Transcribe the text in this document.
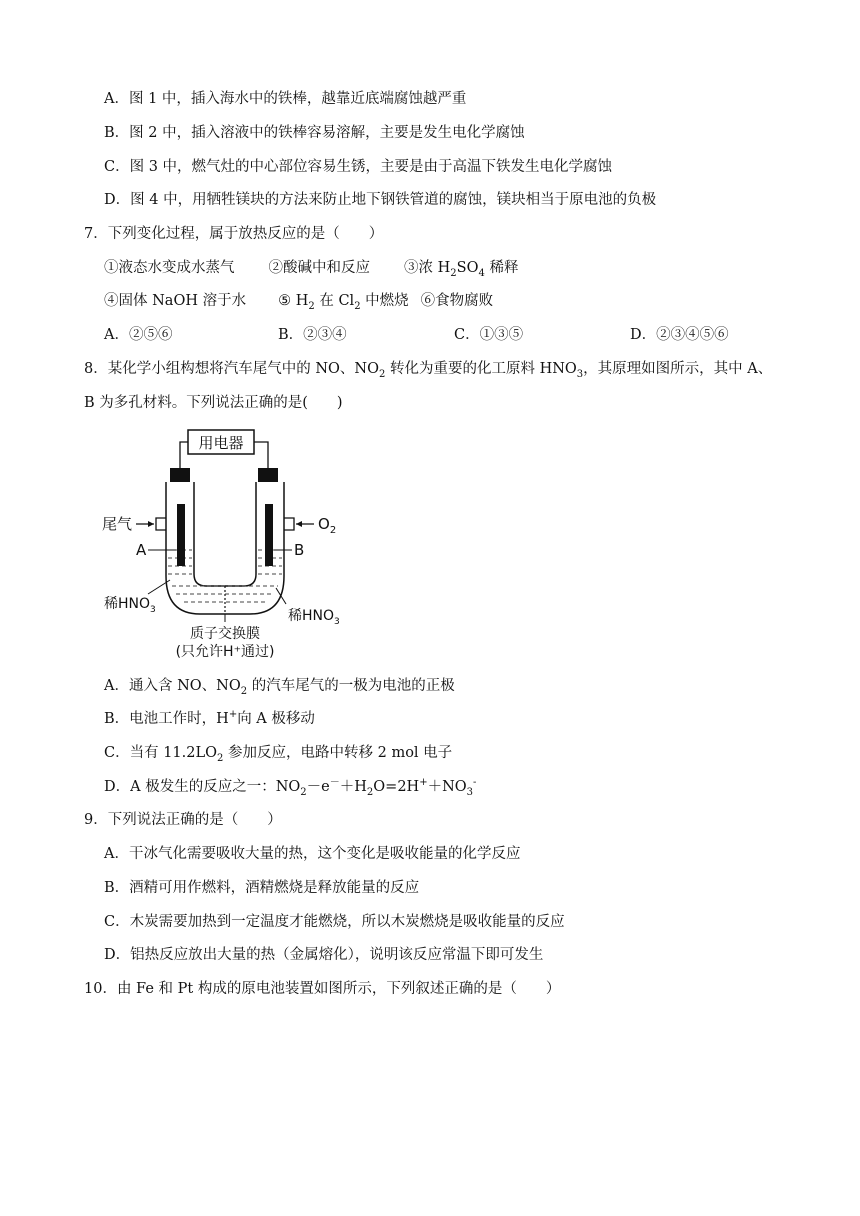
A．图 1 中，插入海水中的铁棒，越靠近底端腐蚀越严重
B．图 2 中，插入溶液中的铁棒容易溶解，主要是发生电化学腐蚀
C．图 3 中，燃气灶的中心部位容易生锈，主要是由于高温下铁发生电化学腐蚀
D．图 4 中，用牺牲镁块的方法来防止地下钢铁管道的腐蚀，镁块相当于原电池的负极
7．下列变化过程，属于放热反应的是（　　）
①液态水变成水蒸气 ②酸碱中和反应 ③浓 $H_2SO_4$ 稀释
④固体 NaOH 溶于水 ⑤ $H_2$ 在 $Cl_2$ 中燃烧 ⑥食物腐败
A．②⑤⑥	B．②③④	C．①③⑤	D．②③④⑤⑥
8．某化学小组构想将汽车尾气中的 NO、$NO_2$ 转化为重要的化工原料 $HNO_3$，其原理如图所示，其中 A、
B 为多孔材料。下列说法正确的是(　　)
用电器
尾气	$O_2$
A	B
稀$HNO_3$	稀$HNO_3$
质子交换膜
(只允许H⁺通过)
A．通入含 NO、$NO_2$ 的汽车尾气的一极为电池的正极
B．电池工作时，H+向 A 极移动
C．当有 $11.2LO_2$ 参加反应，电路中转移 2 mol 电子
D．A 极发生的反应之一：$NO_2-e^-+H_2O=2H^++NO_3^-$
9．下列说法正确的是（　　）
A．干冰气化需要吸收大量的热，这个变化是吸收能量的化学反应
B．酒精可用作燃料，酒精燃烧是释放能量的反应
C．木炭需要加热到一定温度才能燃烧，所以木炭燃烧是吸收能量的反应
D．铝热反应放出大量的热（金属熔化），说明该反应常温下即可发生
10．由 Fe 和 Pt 构成的原电池装置如图所示，下列叙述正确的是（　　）
